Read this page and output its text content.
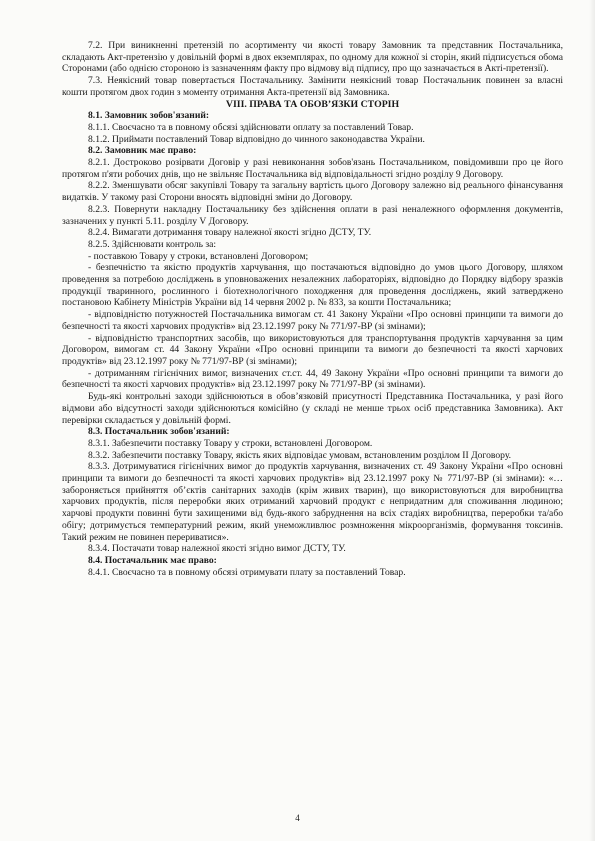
7.2. При виникненні претензій по асортименту чи якості товару Замовник та представник Постачальника, складають Акт-претензію у довільній формі в двох екземплярах, по одному для кожної зі сторін, який підписується обома Сторонами (або однією стороною із зазначенням факту про відмову від підпису, про що зазначається в Акті-претензії).

7.3. Неякісний товар повертається Постачальнику. Замінити неякісний товар Постачальник повинен за власні кошти протягом двох годин з моменту отримання Акта-претензії від Замовника.

VIII. ПРАВА ТА ОБОВ’ЯЗКИ СТОРІН

8.1. Замовник зобов'язаний:

8.1.1. Своєчасно та в повному обсязі здійснювати оплату за поставлений Товар.

8.1.2. Приймати поставлений Товар відповідно до чинного законодавства України.

8.2. Замовник має право:

8.2.1. Достроково розірвати Договір у разі невиконання зобов'язань Постачальником, повідомивши про це його протягом п'яти робочих днів, що не звільняє Постачальника від відповідальності згідно розділу 9 Договору.

8.2.2. Зменшувати обсяг закупівлі Товару та загальну вартість цього Договору залежно від реального фінансування видатків. У такому разі Сторони вносять відповідні зміни до Договору.

8.2.3. Повернути накладну Постачальнику без здійснення оплати в разі неналежного оформлення документів, зазначених у пункті 5.11. розділу V Договору.

8.2.4. Вимагати дотримання товару належної якості згідно ДСТУ, ТУ.

8.2.5. Здійснювати контроль за:

- поставкою Товару у строки, встановлені Договором;

- безпечністю та якістю продуктів харчування, що постачаються відповідно до умов цього Договору, шляхом проведення за потребою досліджень в уповноважених незалежних лабораторіях, відповідно до Порядку відбору зразків продукції тваринного, рослинного і біотехнологічного походження для проведення досліджень, який затверджено постановою Кабінету Міністрів України від 14 червня 2002 р. № 833, за кошти Постачальника;

- відповідністю потужностей Постачальника вимогам ст. 41 Закону України «Про основні принципи та вимоги до безпечності та якості харчових продуктів» від 23.12.1997 року № 771/97-ВР (зі змінами);

- відповідністю транспортних засобів, що використовуються для транспортування продуктів харчування за цим Договором, вимогам ст. 44 Закону України «Про основні принципи та вимоги до безпечності та якості харчових продуктів» від 23.12.1997 року № 771/97-ВР (зі змінами);

- дотриманням гігієнічних вимог, визначених ст.ст. 44, 49 Закону України «Про основні принципи та вимоги до безпечності та якості харчових продуктів» від 23.12.1997 року № 771/97-ВР (зі змінами).

Будь-які контрольні заходи здійснюються в обов’язковій присутності Представника Постачальника, у разі його відмови або відсутності заходи здійснюються комісійно (у складі не менше трьох осіб представника Замовника). Акт перевірки складається у довільній формі.

8.3. Постачальник зобов'язаний:

8.3.1. Забезпечити поставку Товару у строки, встановлені Договором.

8.3.2. Забезпечити поставку Товару, якість яких відповідає умовам, встановленим розділом II Договору.

8.3.3. Дотримуватися гігієнічних вимог до продуктів харчування, визначених ст. 49 Закону України «Про основні принципи та вимоги до безпечності та якості харчових продуктів» від 23.12.1997 року № 771/97-ВР (зі змінами): «…забороняється прийняття об’єктів санітарних заходів (крім живих тварин), що використовуються для виробництва харчових продуктів, після переробки яких отриманий харчовий продукт є непридатним для споживання людиною; харчові продукти повинні бути захищеними від будь-якого забруднення на всіх стадіях виробництва, переробки та/або обігу; дотримується температурний режим, який унеможливлює розмноження мікроорганізмів, формування токсинів. Такий режим не повинен перериватися».

8.3.4. Постачати товар належної якості згідно вимог ДСТУ, ТУ.

8.4. Постачальник має право:

8.4.1. Своєчасно та в повному обсязі отримувати плату за поставлений Товар.

4
